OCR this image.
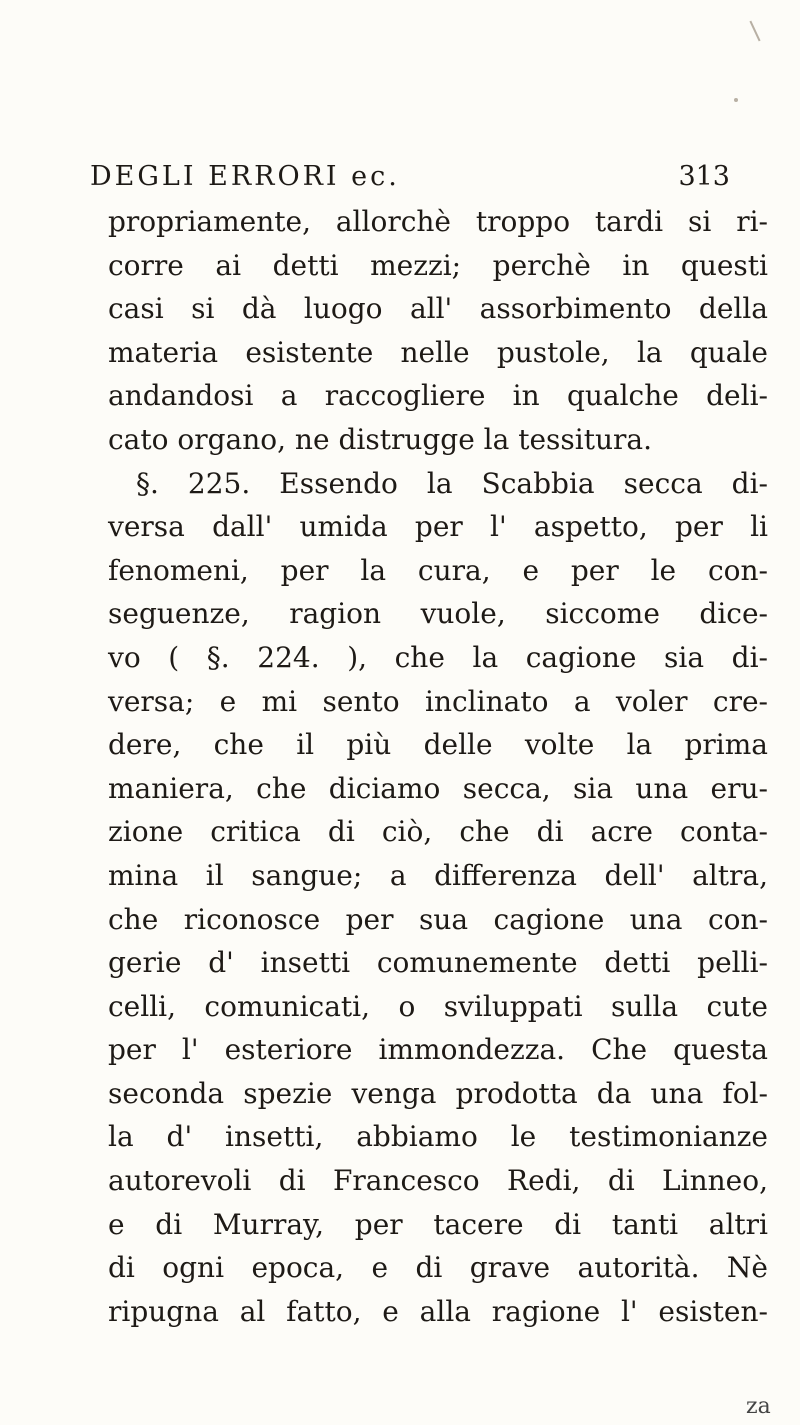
DEGLI ERRORI ec.	313
propriamente, allorchè troppo tardi si ri-
corre ai detti mezzi; perchè in questi
casi si dà luogo all' assorbimento della
materia esistente nelle pustole, la quale
andandosi a raccogliere in qualche deli-
cato organo, ne distrugge la tessitura.
§. 225. Essendo la Scabbia secca di-
versa dall' umida per l' aspetto, per li
fenomeni, per la cura, e per le con-
seguenze, ragion vuole, siccome dice-
vo ( §. 224. ), che la cagione sia di-
versa; e mi sento inclinato a voler cre-
dere, che il più delle volte la prima
maniera, che diciamo secca, sia una eru-
zione critica di ciò, che di acre conta-
mina il sangue; a differenza dell' altra,
che riconosce per sua cagione una con-
gerie d' insetti comunemente detti pelli-
celli, comunicati, o sviluppati sulla cute
per l' esteriore immondezza. Che questa
seconda spezie venga prodotta da una fol-
la d' insetti, abbiamo le testimonianze
autorevoli di Francesco Redi, di Linneo,
e di Murray, per tacere di tanti altri
di ogni epoca, e di grave autorità. Nè
ripugna al fatto, e alla ragione l' esisten-
za
